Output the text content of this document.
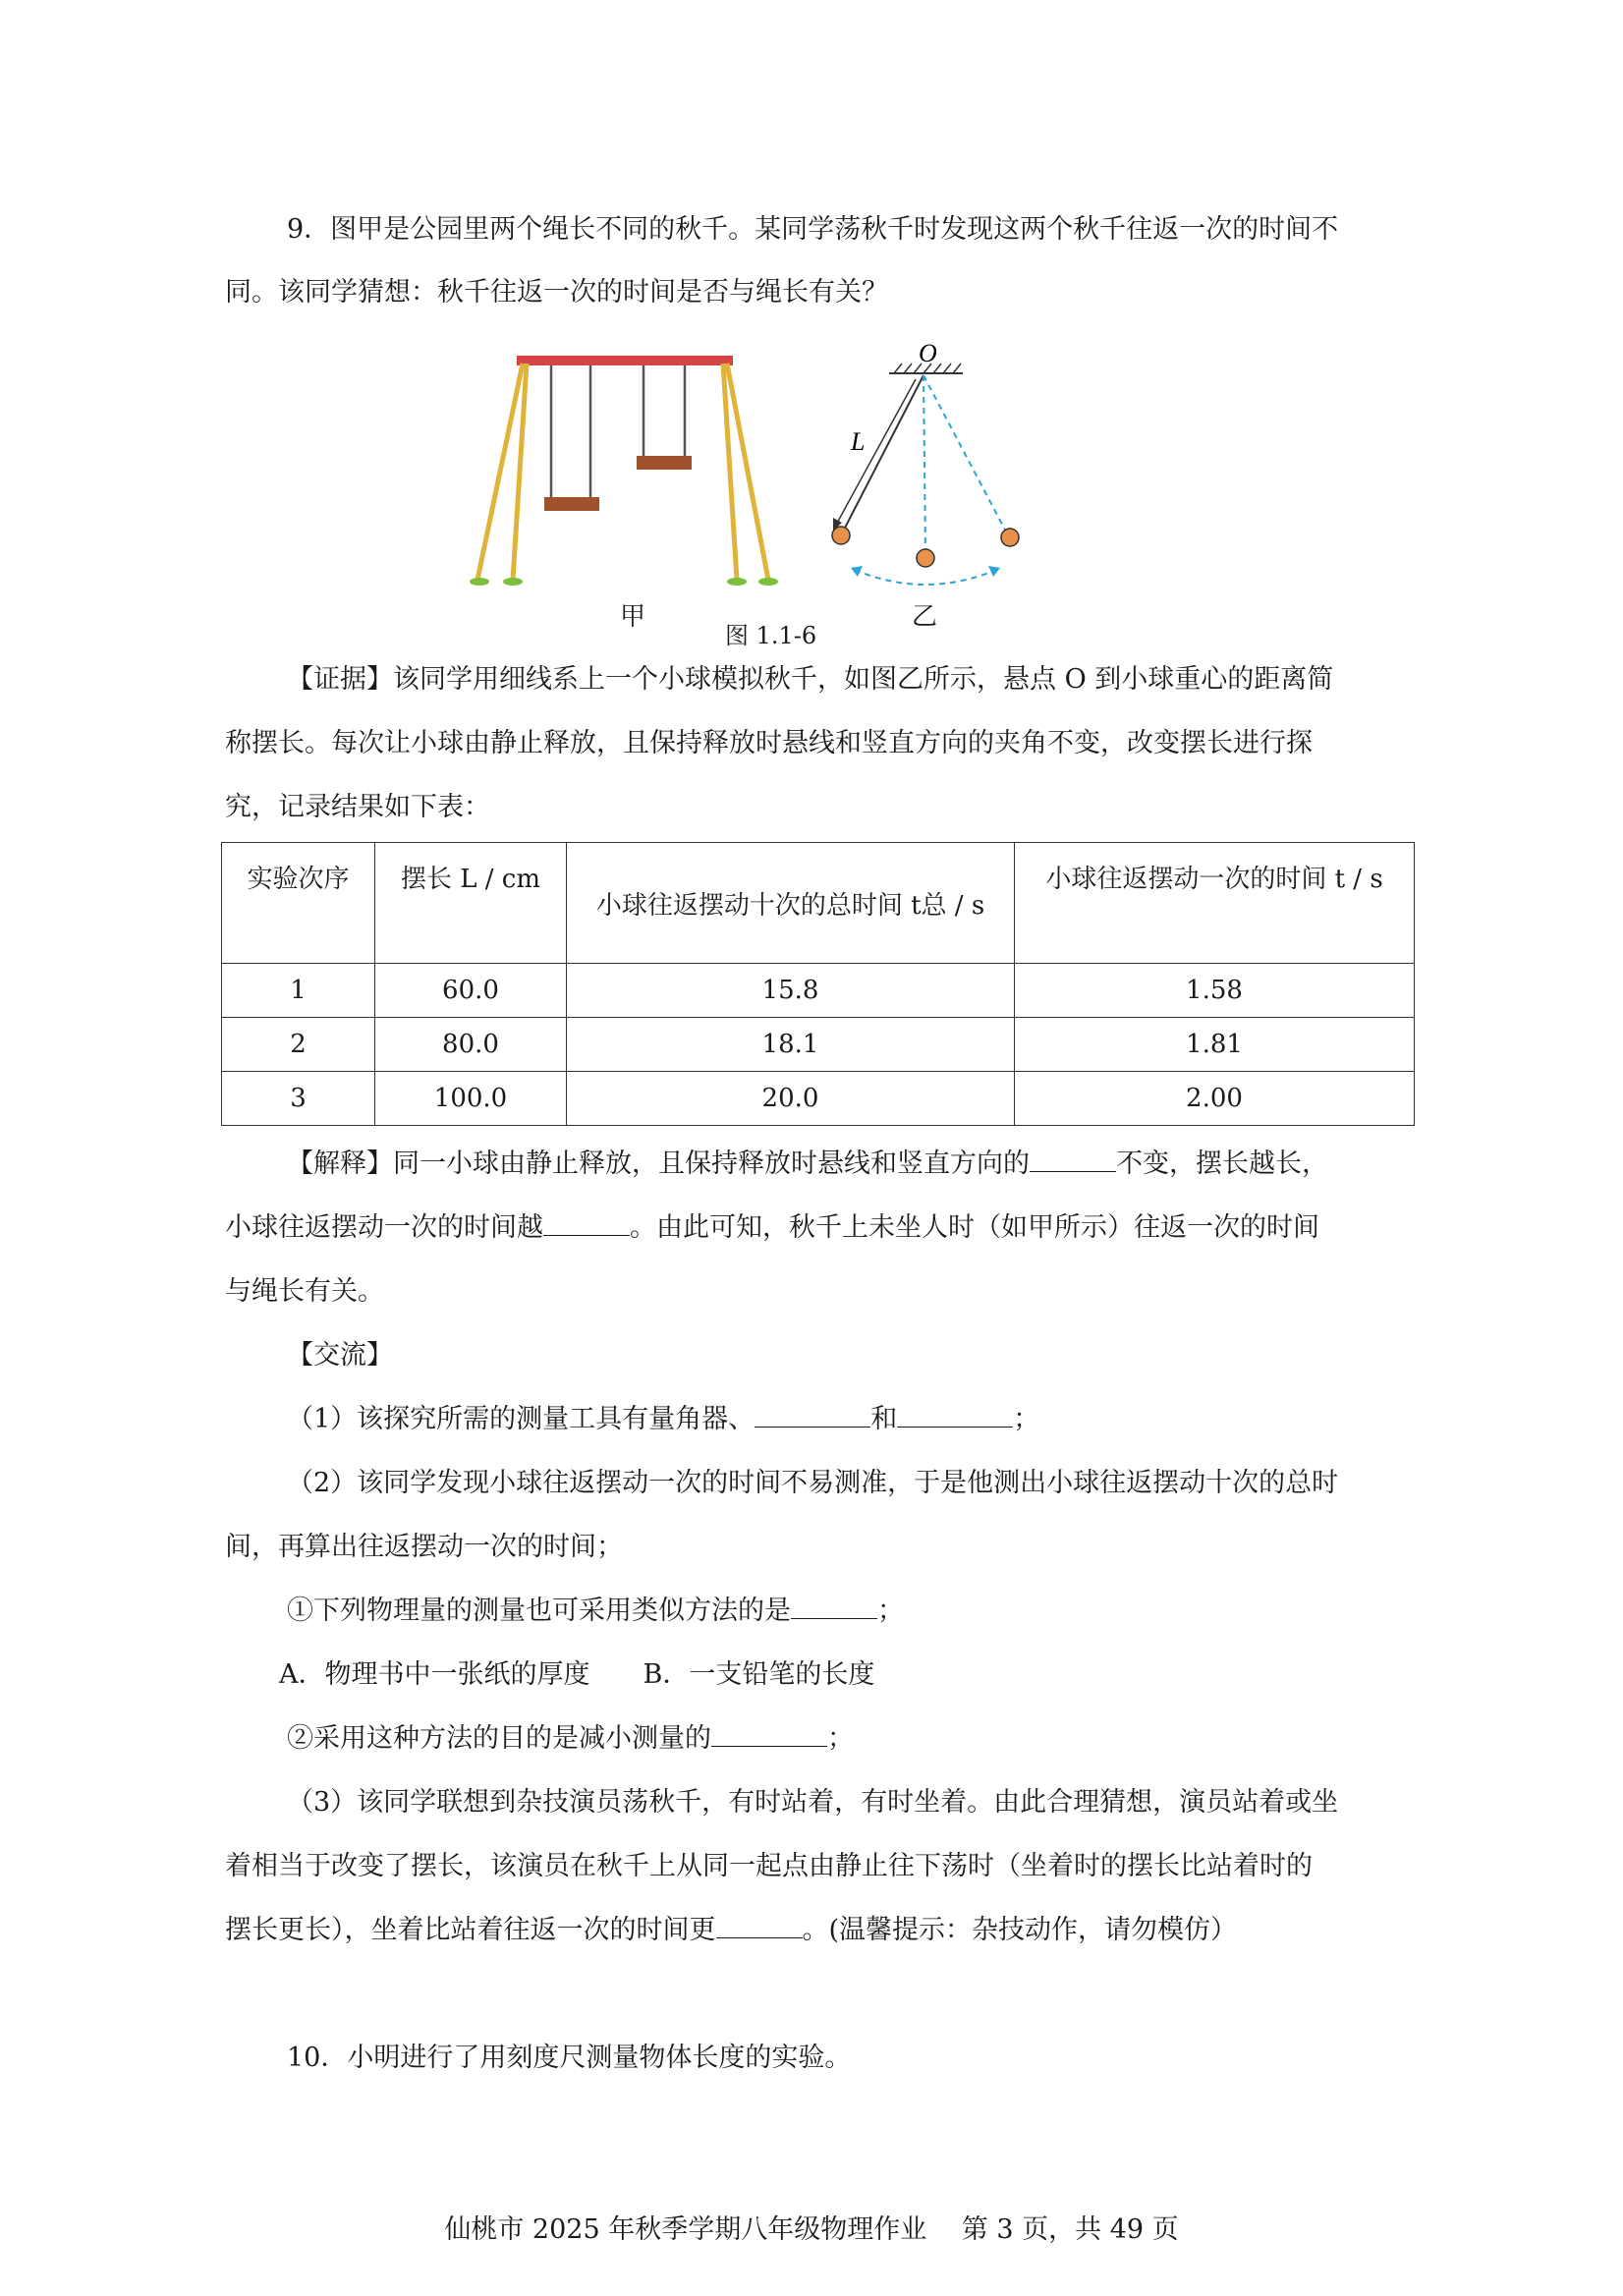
9．图甲是公园里两个绳长不同的秋千。某同学荡秋千时发现这两个秋千往返一次的时间不
同。该同学猜想：秋千往返一次的时间是否与绳长有关？
O
L
甲	乙
图 1.1-6
【证据】该同学用细线系上一个小球模拟秋千，如图乙所示，悬点 O 到小球重心的距离简
称摆长。每次让小球由静止释放，且保持释放时悬线和竖直方向的夹角不变，改变摆长进行探
究，记录结果如下表：
实验次序	摆长 L / cm	小球往返摆动十次的总时间 t总 / s	小球往返摆动一次的时间 t / s
1	60.0	15.8	1.58
2	80.0	18.1	1.81
3	100.0	20.0	2.00
【解释】同一小球由静止释放，且保持释放时悬线和竖直方向的	不变，摆长越长，
小球往返摆动一次的时间越	。由此可知，秋千上未坐人时（如甲所示）往返一次的时间
与绳长有关。
【交流】
（1）该探究所需的测量工具有量角器、	和	；
（2）该同学发现小球往返摆动一次的时间不易测准，于是他测出小球往返摆动十次的总时
间，再算出往返摆动一次的时间；
①下列物理量的测量也可采用类似方法的是	；
A．物理书中一张纸的厚度　　B．一支铅笔的长度
②采用这种方法的目的是减小测量的	；
（3）该同学联想到杂技演员荡秋千，有时站着，有时坐着。由此合理猜想，演员站着或坐
着相当于改变了摆长，该演员在秋千上从同一起点由静止往下荡时（坐着时的摆长比站着时的
摆长更长），坐着比站着往返一次的时间更	。(温馨提示：杂技动作，请勿模仿）
10．小明进行了用刻度尺测量物体长度的实验。
仙桃市 2025 年秋季学期八年级物理作业　 第 3 页，共 49 页
